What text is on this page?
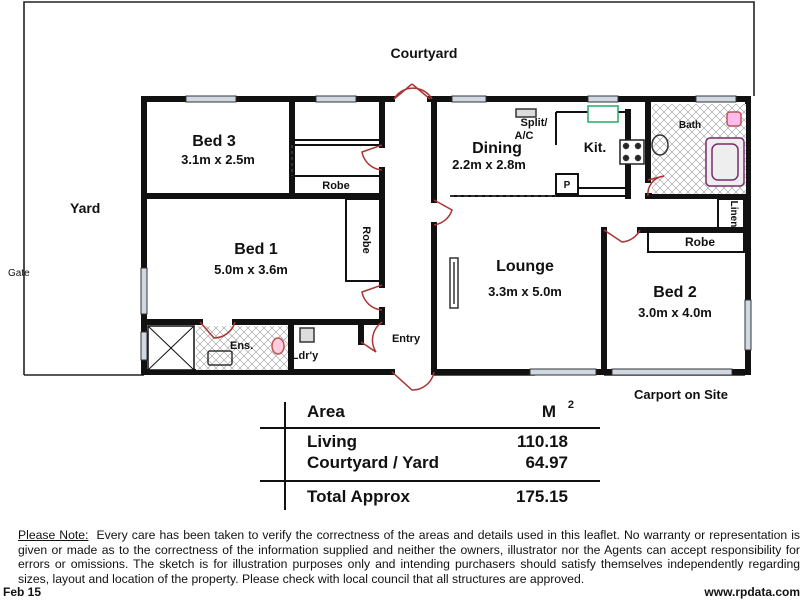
Courtyard
Yard
Gate
Carport on Site
Entry
Bed 3
3.1m x 2.5m
Robe
Robe
Bed 1
5.0m x 3.6m
Ens.
Ldr'y
Split/
A/C
Dining
2.2m x 2.8m
Kit.
P
Bath
Linen
Lounge
3.3m x 5.0m
Robe
Bed 2
3.0m x 4.0m
Area	M 2
Living	110.18
Courtyard / Yard	64.97
Total Approx	175.15
Please Note: Every care has been taken to verify the correctness of the areas and details used in this leaflet. No warranty or representation is given or made as to the correctness of the information supplied and neither the owners, illustrator nor the Agents can accept responsibility for errors or omissions. The sketch is for illustration purposes only and intending purchasers should satisfy themselves independently regarding sizes, layout and location of the property. Please check with local council that all structures are approved.
Feb 15	www.rpdata.com
